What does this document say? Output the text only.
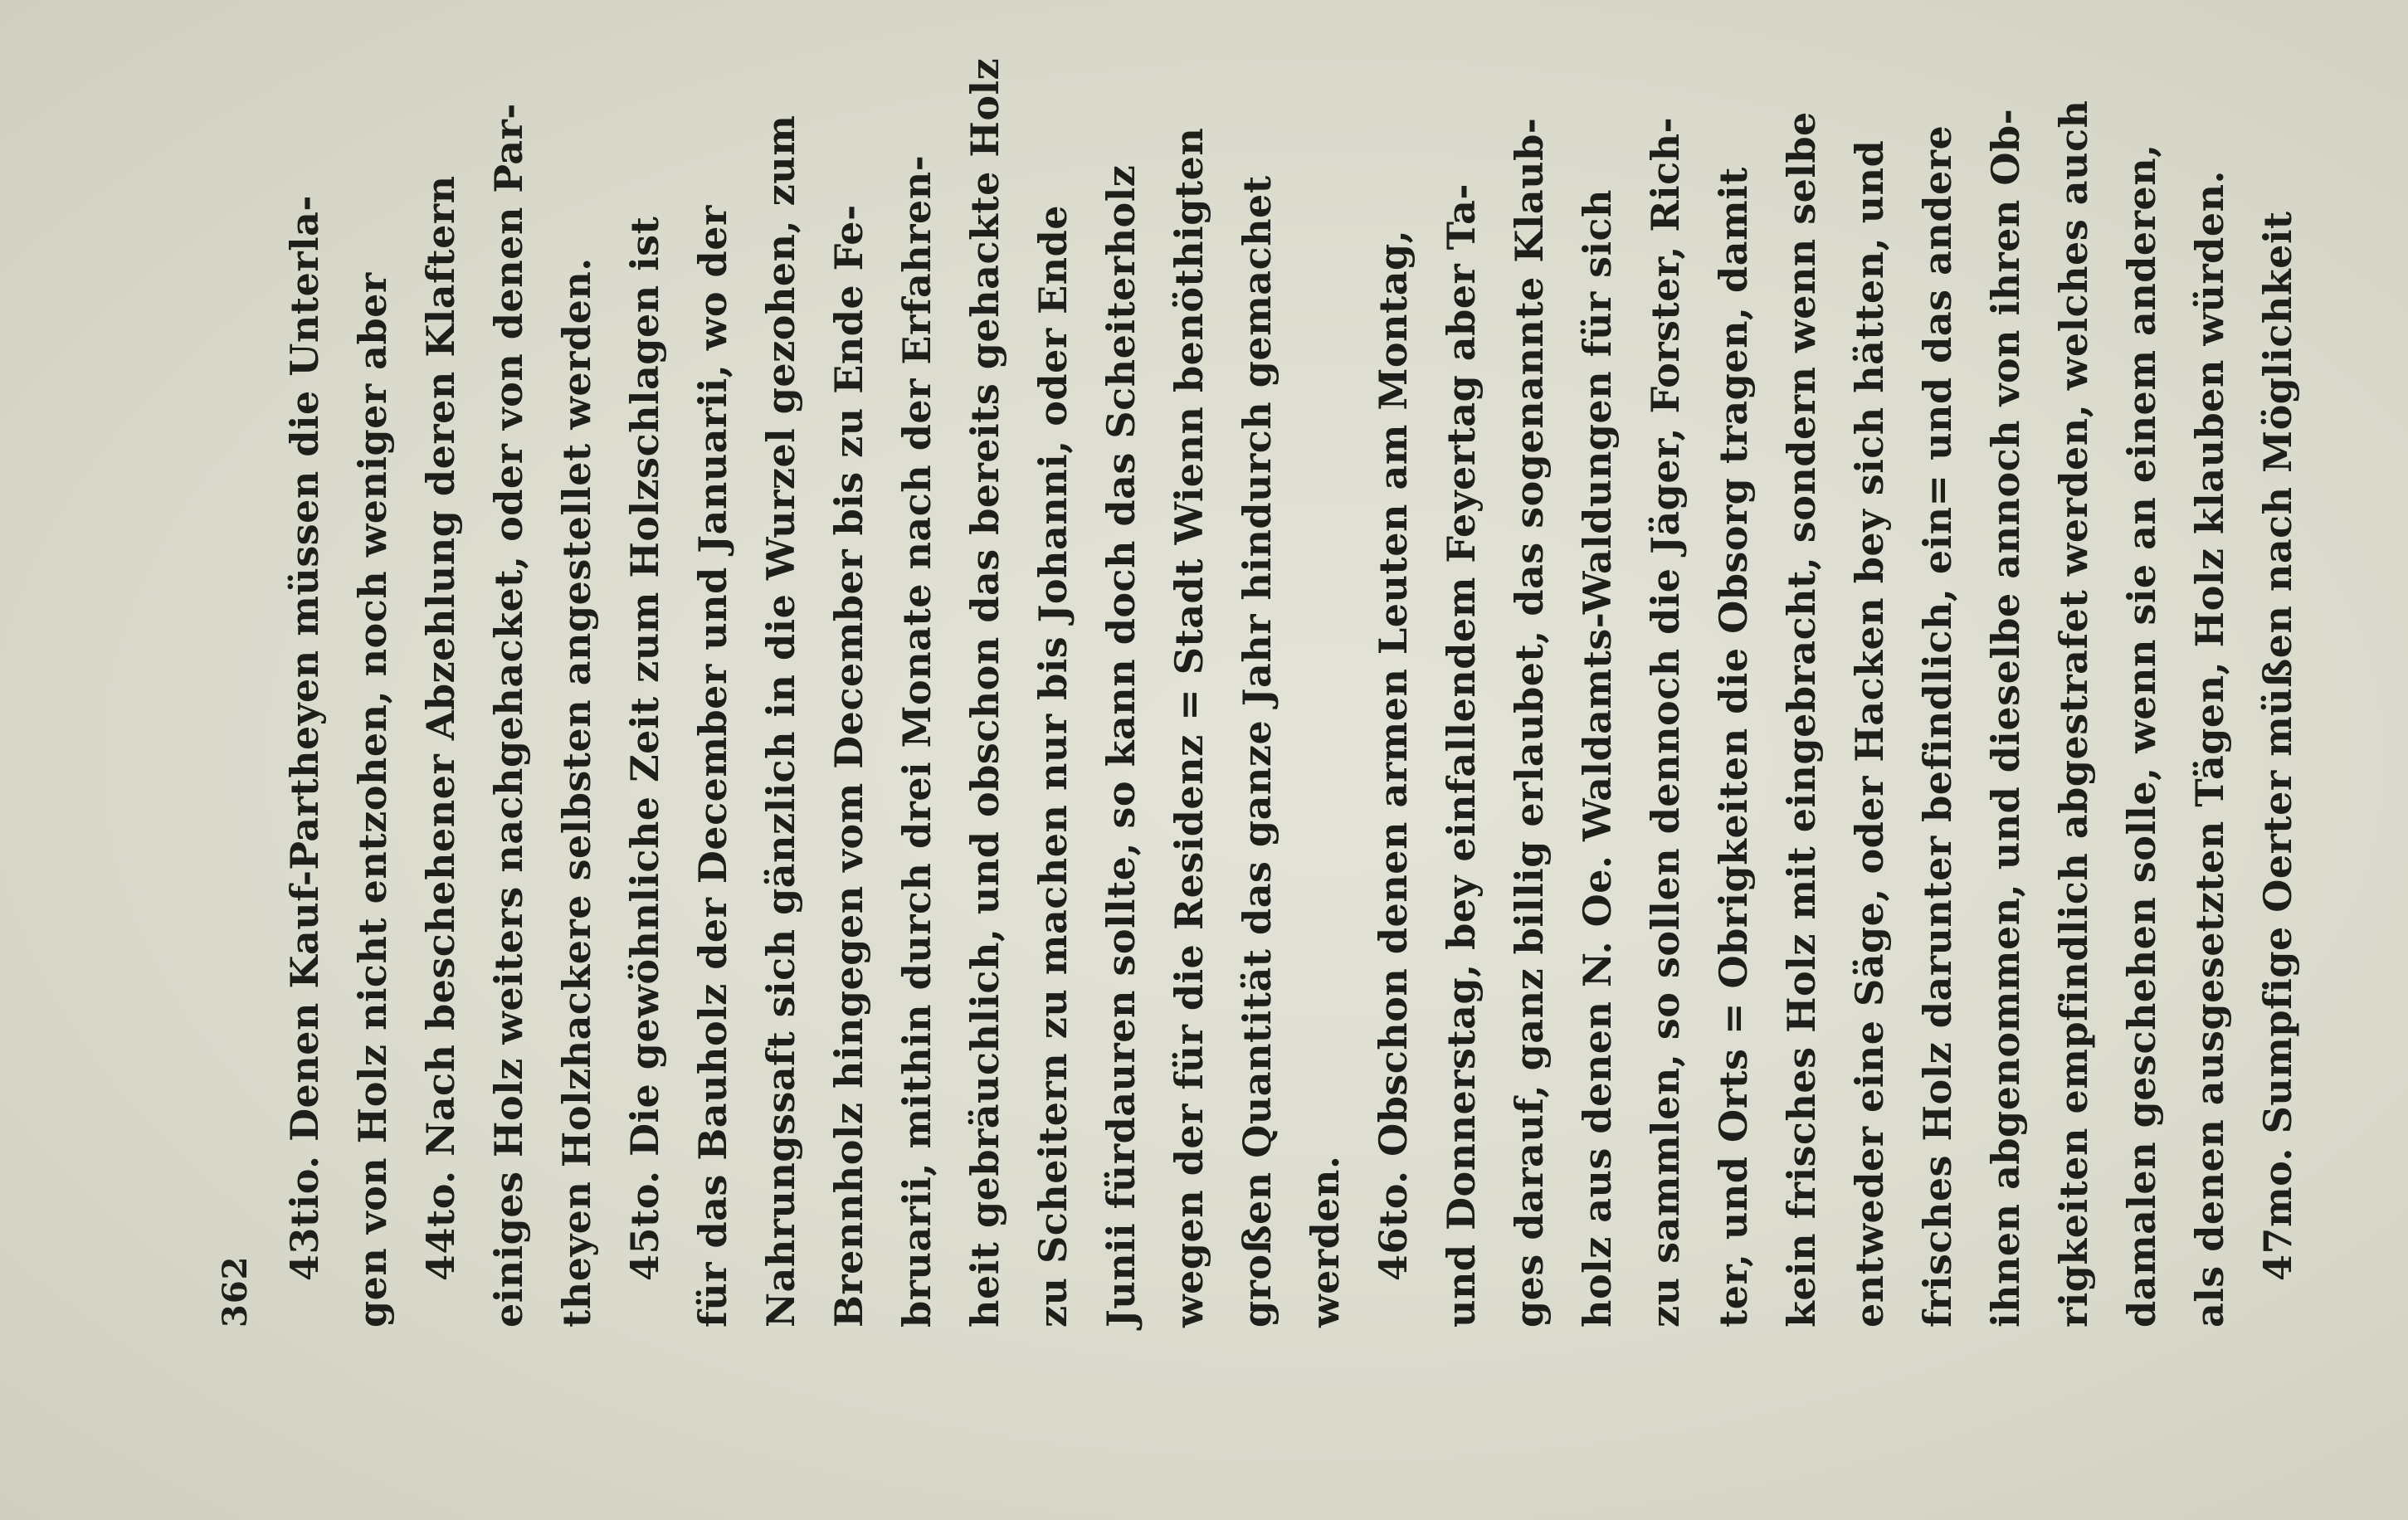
362
43tio. Denen Kauf-Partheyen müssen die Unterla- gen von Holz nicht entzohen, noch weniger aber 44to. Nach beschehener Abzehlung deren Klaftern einiges Holz weiters nachgehacket, oder von denen Par- theyen Holzhackere selbsten angestellet werden. 45to. Die gewöhnliche Zeit zum Holzschlagen ist für das Bauholz der December und Januarii, wo der Nahrungssaft sich gänzlich in die Wurzel gezohen, zum Brennholz hingegen vom December bis zu Ende Fe- bruarii, mithin durch drei Monate nach der Erfahren- heit gebräuchlich, und obschon das bereits gehackte Holz zu Scheitern zu machen nur bis Johanni, oder Ende Junii fürdauren sollte, so kann doch das Scheiterholz wegen der für die Residenz = Stadt Wienn benöthigten großen Quantität das ganze Jahr hindurch gemachet werden. 46to. Obschon denen armen Leuten am Montag, und Donnerstag, bey einfallendem Feyertag aber Ta- ges darauf, ganz billig erlaubet, das sogenannte Klaub- holz aus denen N. Oe. Waldamts-Waldungen für sich zu sammlen, so sollen dennoch die Jäger, Forster, Rich- ter, und Orts = Obrigkeiten die Obsorg tragen, damit kein frisches Holz mit eingebracht, sondern wenn selbe entweder eine Säge, oder Hacken bey sich hätten, und frisches Holz darunter befindlich, ein= und das andere ihnen abgenommen, und dieselbe annoch von ihren Ob- rigkeiten empfindlich abgestrafet werden, welches auch damalen geschehen solle, wenn sie an einem anderen, als denen ausgesetzten Tägen, Holz klauben würden. 47mo. Sumpfige Oerter müßen nach Möglichkeit
